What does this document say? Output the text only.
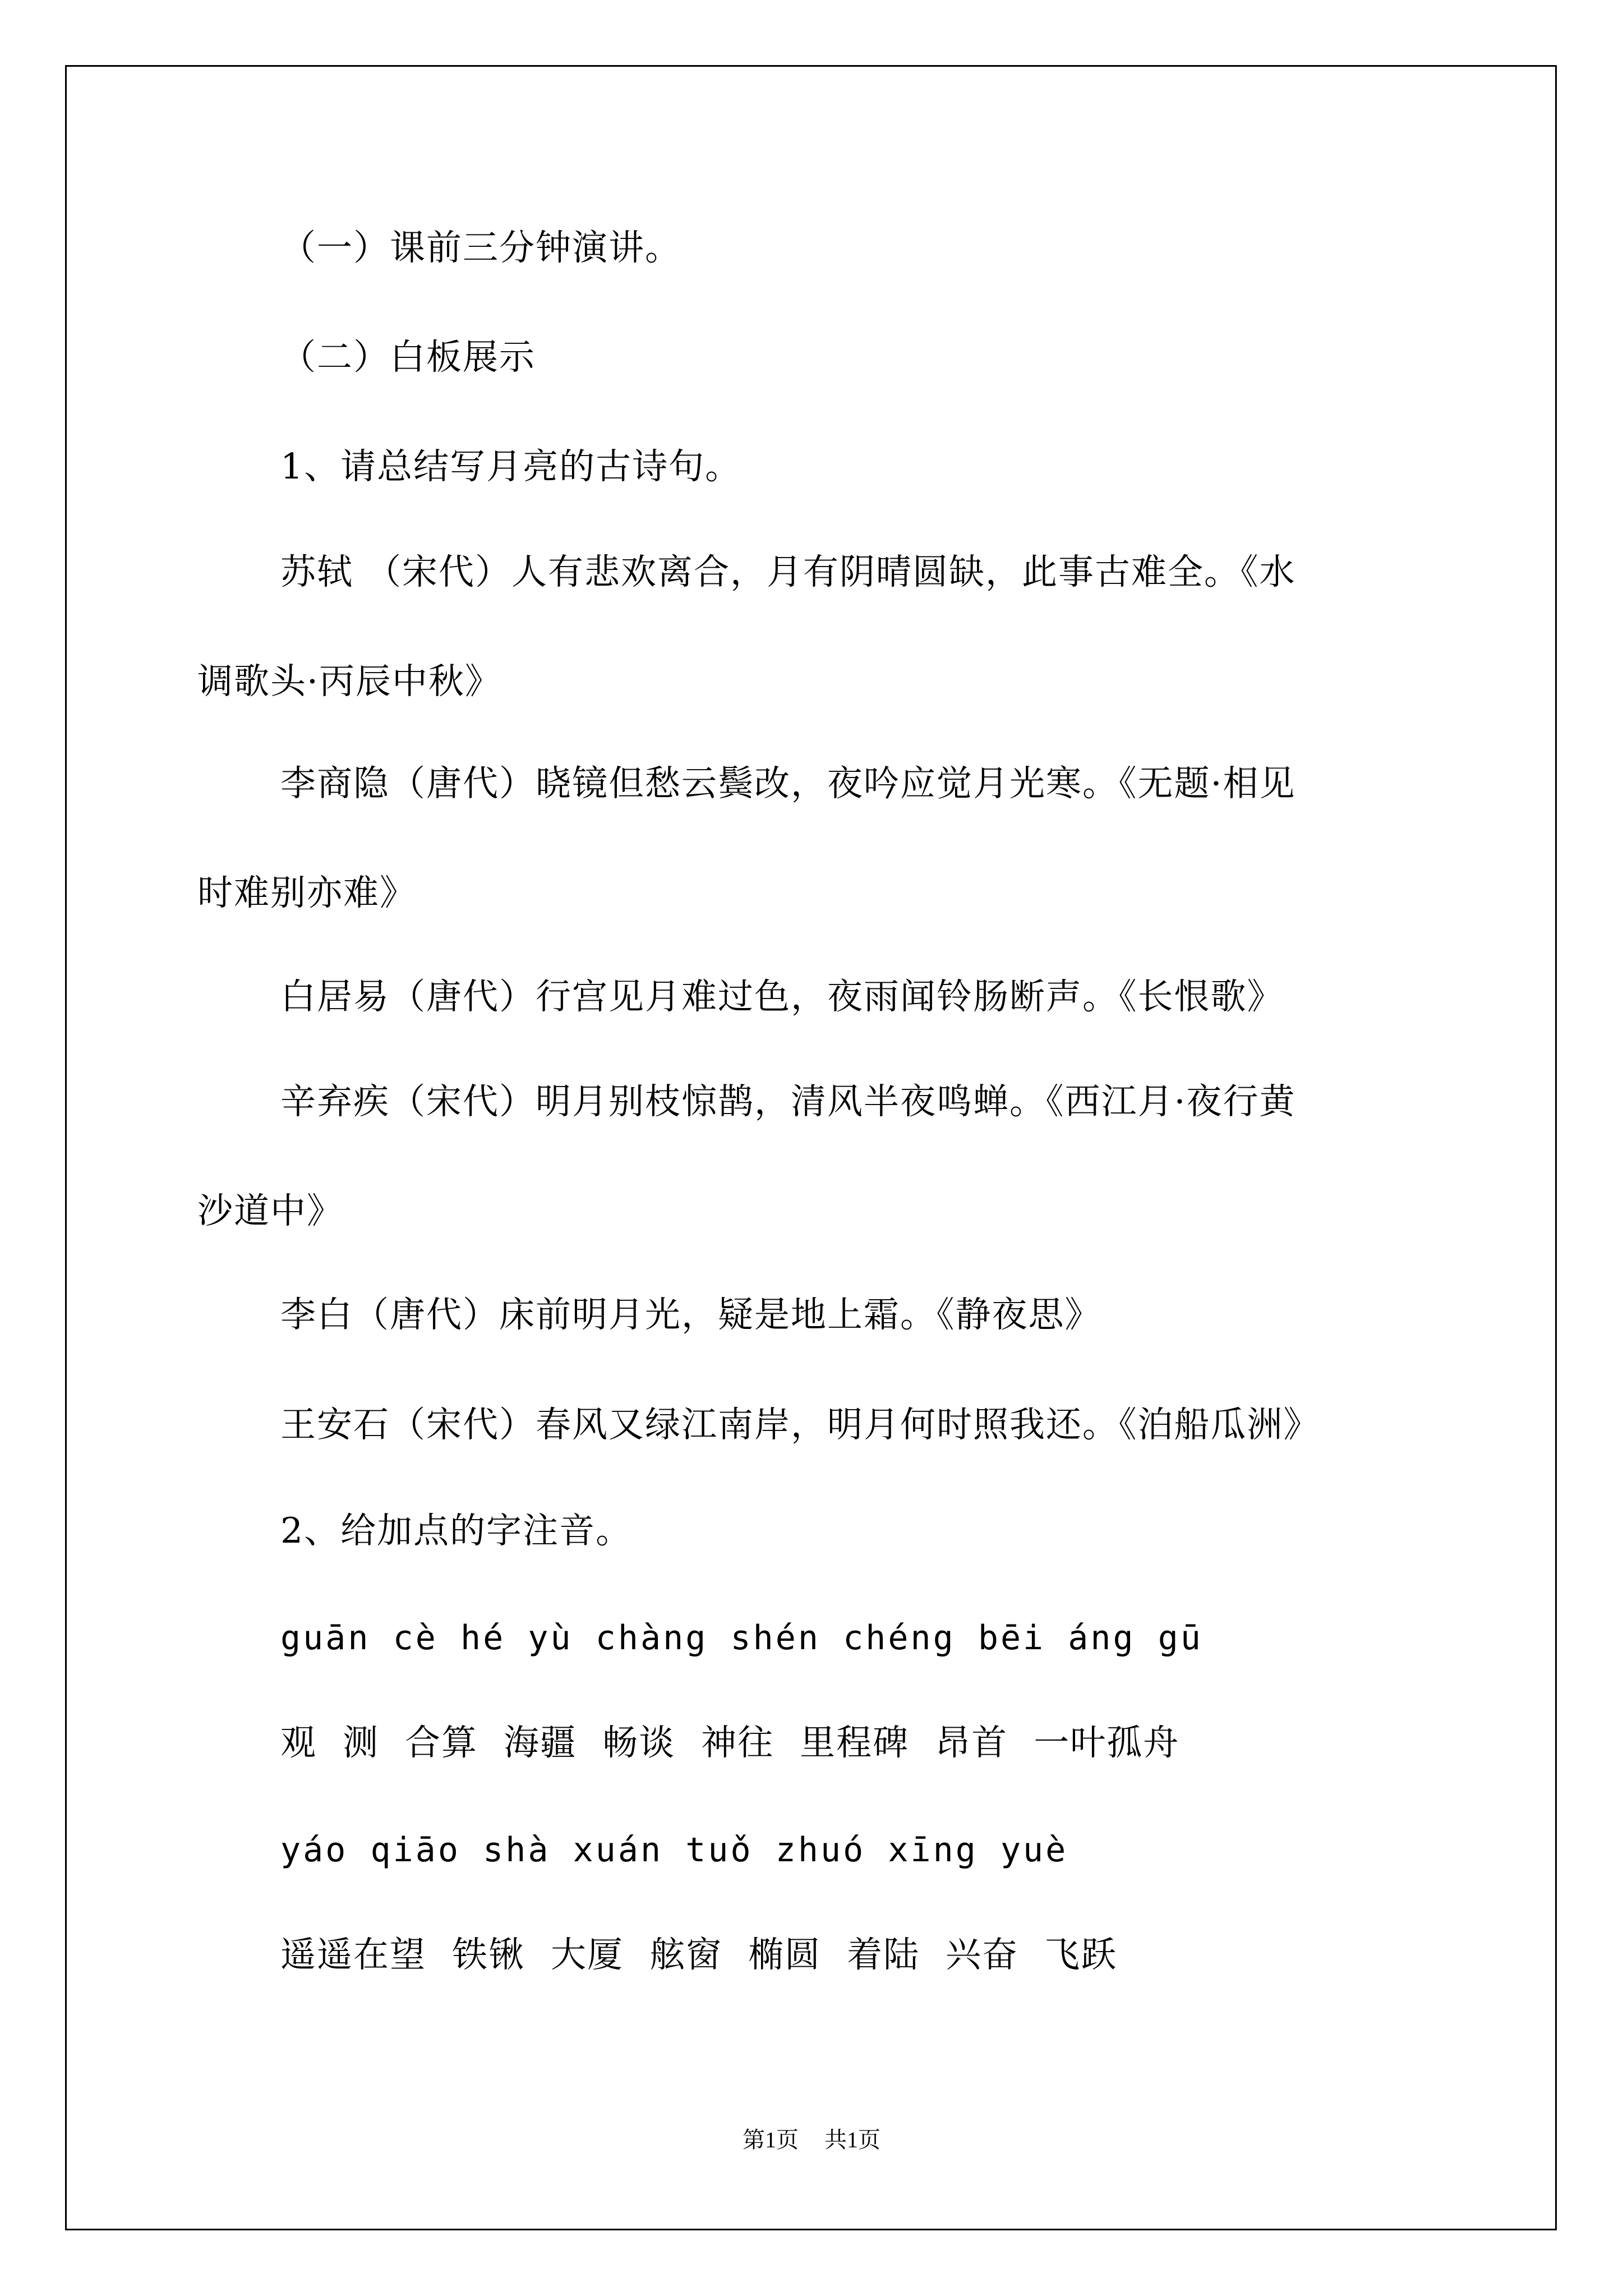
（一）课前三分钟演讲。
（二）白板展示
1、请总结写月亮的古诗句。
苏轼 （宋代）人有悲欢离合，月有阴晴圆缺，此事古难全。《水
调歌头·丙辰中秋》
李商隐（唐代）晓镜但愁云鬓改，夜吟应觉月光寒。《无题·相见
时难别亦难》
白居易（唐代）行宫见月难过色，夜雨闻铃肠断声。《长恨歌》
辛弃疾（宋代）明月别枝惊鹊，清风半夜鸣蝉。《西江月·夜行黄
沙道中》
李白（唐代）床前明月光，疑是地上霜。《静夜思》
王安石（宋代）春风又绿江南岸，明月何时照我还。《泊船瓜洲》
2、给加点的字注音。
guān cè hé yù chàng shén chéng bēi áng gū
观 测 合算 海疆 畅谈 神往 里程碑 昂首 一叶孤舟
yáo qiāo shà xuán tuǒ zhuó xīng yuè
遥遥在望 铁锹 大厦 舷窗 椭圆 着陆 兴奋 飞跃
第1页 共1页
